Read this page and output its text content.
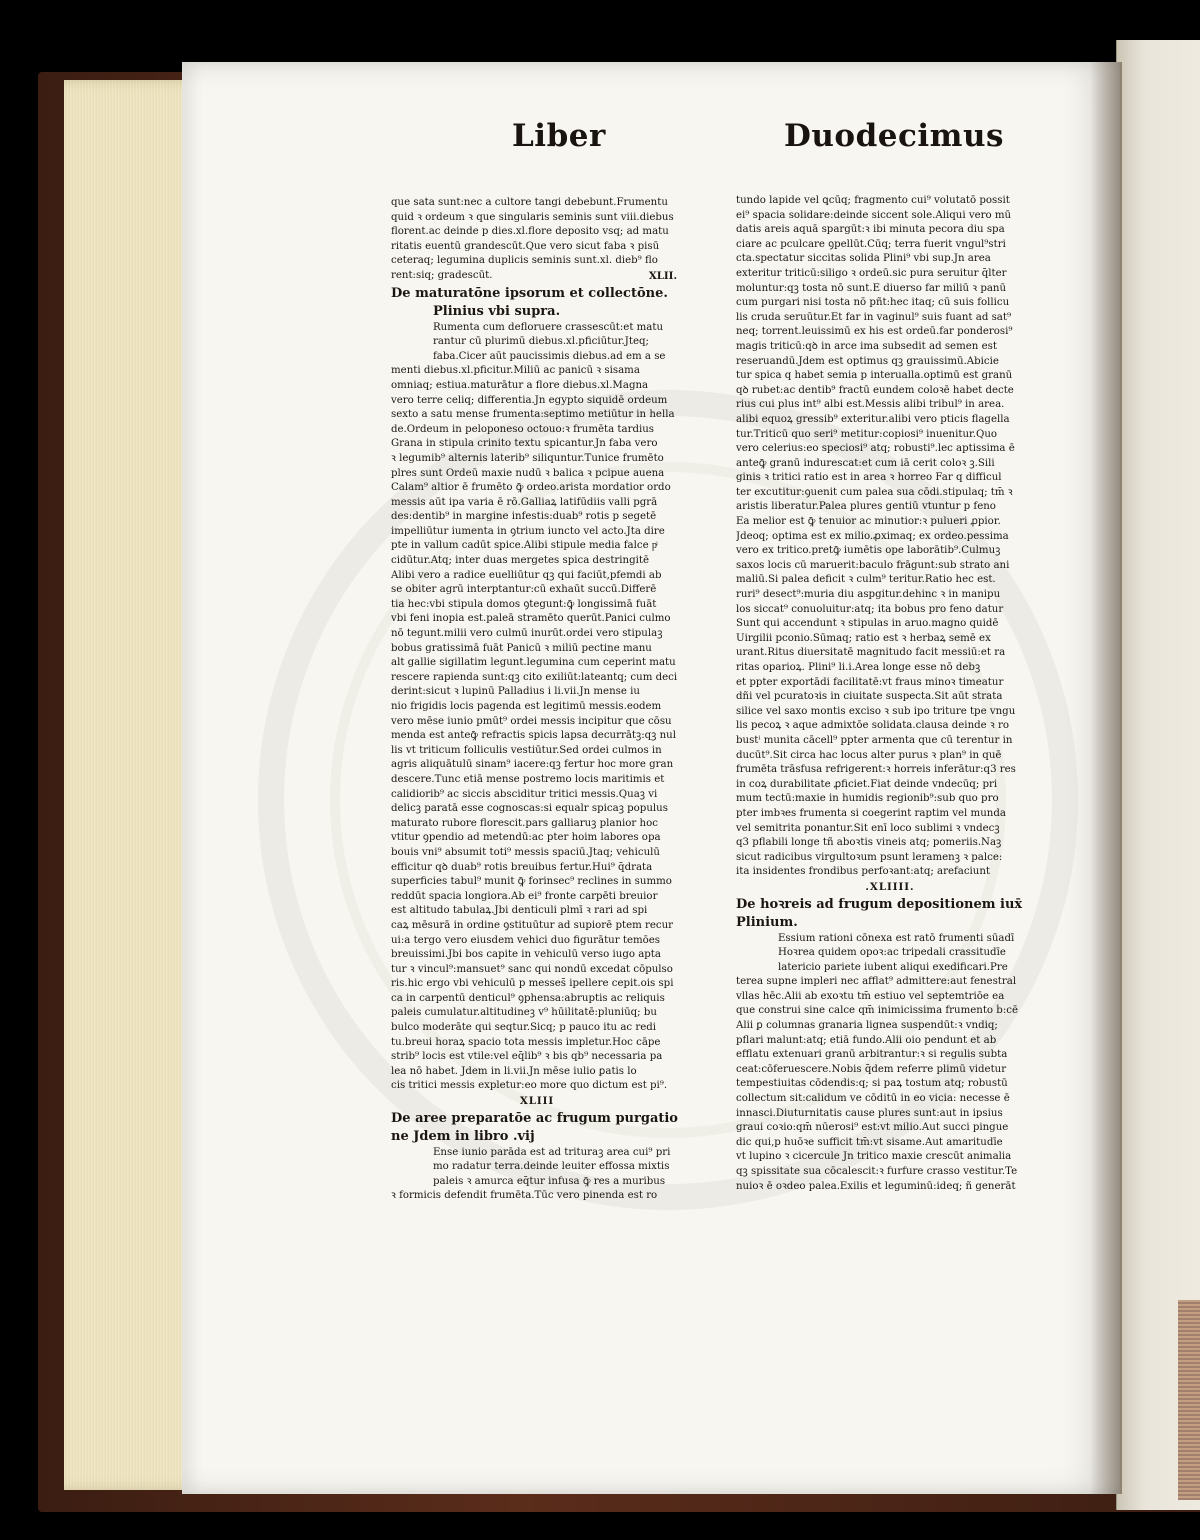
Liber	Duodecimus
que sata sunt:nec a cultore tangi debebunt.Frumentu
quid ꝛ ordeum ꝛ que singularis seminis sunt viii.diebus
florent.ac deinde p dies.xl.flore deposito vsq; ad matu
ritatis euentū grandescūt.Que vero sicut faba ꝛ pisū
ceteraq; legumina duplicis seminis sunt.xl. dieb⁹ flo
rent:siq; gradescūt.	XLII.
De maturatōne ipsorum et collectōne.
Plinius vbi supra.
Rumenta cum defloruere crassescūt:et matu
rantur cū plurimū diebus.xl.pficiūtur.Jteq;
faba.Cicer aūt paucissimis diebus.ad em a se
menti diebus.xl.pficitur.Miliū ac panicū ꝛ sisama
omniaq; estiua.maturātur a flore diebus.xl.Magna
vero terre celiq; differentia.Jn egypto siquidē ordeum
sexto a satu mense frumenta:septimo metiūtur in hella
de.Ordeum in peloponeso octouo:ꝛ frumēta tardius
Grana in stipula crinito textu spicantur.Jn faba vero
ꝛ legumib⁹ alternis laterib⁹ siliquntur.Tunice frumēto
plres sunt Ordeū maxie nudū ꝛ balica ꝛ pcipue auena
Calam⁹ altior ē frumēto ꝙ̄ ordeo.arista mordatior ordo
messis aūt ipa varia ē rō.Galliaꝝ latifūdiis valli pgrā
des:dentib⁹ in margine infestis:duab⁹ rotis p segetē
impelliūtur iumenta in ꝯtrium iuncto vel acto.Jta dire
pte in vallum cadūt spice.Alibi stipule media falce pͥ
cidūtur.Atq; inter duas mergetes spica destringitē
Alibi vero a radice euelliūtur qꝫ qui faciūt,pfemdi ab
se obiter agrū interptantur:cū exhaūt succū.Differē
tia hec:vbi stipula domos ꝯtegunt:ꝙ̄ longissimā fuāt
vbi feni inopia est.paleā stramēto querūt.Panici culmo
nō tegunt.milii vero culmū inurūt.ordei vero stipulaꝫ
bobus gratissimā fuāt Panicū ꝛ miliū pectine manu
alt gallie sigillatim legunt.legumina cum ceperint matu
rescere rapienda sunt:qꝫ cito exiliūt:lateantq; cum deci
derint:sicut ꝛ lupinū Palladius i li.vii.Jn mense iu
nio frigidis locis pagenda est legitimū messis.eodem
vero mēse iunio pmūt⁹ ordei messis incipitur que cōsu
menda est anteꝙ̄ refractis spicis lapsa decurrātꝫ:qꝫ nul
lis vt triticum folliculis vestiūtur.Sed ordei culmos in
agris aliquātulū sinam⁹ iacere:qꝫ fertur hoc more gran
descere.Tunc etiā mense postremo locis maritimis et
calidiorib⁹ ac siccis absciditur tritici messis.Quaꝫ vi
delicꝫ paratā esse cognoscas:si equalr spicaꝫ populus
maturato rubore florescit.pars galliaruꝫ planior hoc
vtitur ꝯpendio ad metendū:ac pter hoim labores opa
bouis vni⁹ absumit toti⁹ messis spaciū.Jtaq; vehiculū
efficitur qꝺ duab⁹ rotis breuibus fertur.Hui⁹ q̄drata
superficies tabul⁹ munit ꝙ̄ forinsec⁹ reclines in summo
reddūt spacia longiora.Ab ei⁹ fronte carpēti breuior
est altitudo tabulaꝝ.Jbi denticuli plmī ꝛ rari ad spi
caꝝ mēsurā in ordine ꝯstituūtur ad supiorē ptem recur
ui:a tergo vero eiusdem vehici duo figurātur temōes
breuissimi.Jbi bos capite in vehiculū verso iugo apta
tur ꝛ vincul⁹:mansuet⁹ sanc qui nondū excedat cōpulso
ris.hic ergo vbi vehiculū p messes̄ ipellere cepit.ois spi
ca in carpentū denticul⁹ ꝯphensa:abruptis ac reliquis
paleis cumulatur.altitudineꝫ v⁹ hūilitatē:pluniūq; bu
bulco moderāte qui seqtur.Sicq; p pauco itu ac redi
tu.breui horaꝝ spacio tota messis impletur.Hoc cāpe
strib⁹ locis est vtile:vel eq̄lib⁹ ꝛ bis qb⁹ necessaria pa
lea nō habet. Jdem in li.vii.Jn mēse iulio ꝑatis lo
cis tritici messis expletur:eo more quo dictum est pi⁹.
XLIII
De aree preparatōe ac frugum purgatio
ne Jdem in libro .vij
Ense iunio parāda est ad trituraꝫ area cui⁹ pri
mo radatur terra.deinde leuiter effossa mixtis
paleis ꝛ amurca eq̄tur infusa ꝙ̄ res a muribus
ꝛ formicis defendit frumēta.Tūc vero pinenda est ro
tundo lapide vel ꝗcūq; fragmento cui⁹ volutatō possit
ei⁹ spacia solidare:deinde siccent sole.Aliqui vero mū
datis areis aquā spargūt:ꝛ ibi minuta pecora diu spa
ciare ac pculcare ꝯpellūt.Cūq; terra fuerit vngul⁹stri
cta.spectatur siccitas solida Plini⁹ vbi sup.Jn area
exteritur triticū:siligo ꝛ ordeū.sic pura seruitur q̄lter
moluntur:qꝫ tosta nō sunt.E diuerso far miliū ꝛ panū
cum purgari nisi tosta nō pñt:hec itaq; cū suis follicu
lis cruda seruūtur.Et far in vaginul⁹ suis fuant ad sat⁹
neq; torrent.leuissimū ex his est ordeū.far ponderosi⁹
magis triticū:qꝺ in arce ima subsedit ad semen est
reseruandū.Jdem est optimus qꝫ grauissimū.Abicie
tur spica q habet semia p interualla.optimū est granū
qꝺ rubet:ac dentib⁹ fractū eundem coloꝛē habet decte
rius cui plus int⁹ albi est.Messis alibi tribul⁹ in area.
alibi equoꝝ gressib⁹ exteritur.alibi vero pticis flagella
tur.Triticū quo seri⁹ metitur:copiosi⁹ inuenitur.Quo
vero celerius:eo speciosi⁹ atq; robusti⁹.lec aptissima ē
anteꝙ̄ granū indurescat:et cum iā cerit coloꝛ ꝫ.Sili
ginis ꝛ tritici ratio est in area ꝛ horreo Far q difficul
ter excutitur:ꝯuenit cum palea sua cōdi.stipulaq; tm̄ ꝛ
aristis liberatur.Palea plures gentiū vtuntur p feno
Ea melior est ꝙ̄ tenuior ac minutior:ꝛ pulueri ꝓpior.
Jdeoq; optima est ex milio.ꝓximaq; ex ordeo.pessima
vero ex tritico.pretꝙ̄ iumētis ope laborātib⁹.Culmuꝫ
saxos locis cū maruerit:baculo frāgunt:sub strato ani
maliū.Si palea deficit ꝛ culm⁹ teritur.Ratio hec est.
ruri⁹ desect⁹:muria diu aspgitur.dehinc ꝛ in manipu
los siccat⁹ conuoluitur:atq; ita bobus pro feno datur
Sunt qui accendunt ꝛ stipulas in aruo.magno quidē
Uirgilii pconio.Sūmaq; ratio est ꝛ herbaꝝ semē ex
urant.Ritus diuersitatē magnitudo facit messiū:et ra
ritas oparioꝝ. Plini⁹ li.i.Area longe esse nō debꝫ
et ppter exportādi facilitatē:vt fraus minoꝛ timeatur
dñi vel pcuratoꝛis in ciuitate suspecta.Sit aūt strata
silice vel saxo montis exciso ꝛ sub ipo triture tpe vngu
lis pecoꝝ ꝛ aque admixtōe solidata.clausa deinde ꝛ ro
bustⁱ munita cācell⁹ ppter armenta que cū terentur in
ducūt⁹.Sit circa hac locus alter purus ꝛ plan⁹ in quē
frumēta trāsfusa refrigerent:ꝛ horreis inferātur:q3 res
in coꝝ durabilitate ꝓficiet.Fiat deinde vndecūq; pri
mum tectū:maxie in humidis regionib⁹:sub quo pro
pter imbꝛes frumenta si coegerint raptim vel munda
vel semitrita ponantur.Sit enī loco sublimi ꝛ vndecꝫ
q3 pflabili longe tñ aboꝛtis vineis atq; pomeriis.Naꝫ
sicut radicibus virgultoꝛum psunt leramenꝫ ꝛ palce:
ita insidentes frondibus perfoꝛant:atq; arefaciunt
.XLIIII.
De hoꝛreis ad frugum depositionem iux̄
Plinium.
Essium rationi cōnexa est ratō frumenti sūadī
Hoꝛrea quidem opoꝛ:ac tripedali crassitudīe
latericio pariete iubent aliqui exedificari.Pre
terea supne impleri nec afflat⁹ admittere:aut fenestral
vllas hēc.Alii ab exoꝛtu tm̄ estiuo vel septemtriōe ea
que construi sine calce qm̄ inimicissima frumento ḃ:cē
Alii ꝑ columnas granaria lignea suspendūt:ꝛ vndiq;
pflari malunt:atq; etiā fundo.Alii oio pendunt et ab
efflatu extenuari granū arbitrantur:ꝛ si regulis subta
ceat:cōferuescere.Nobis q̄dem referre plimū videtur
tempestiuitas cōdendis:q; si paꝝ tostum atq; robustū
collectum sit:calidum ve cōditū in eo vicia: necesse ē
innasci.Diuturnitatis cause plures sunt:aut in ipsius
graui coꝛio:qm̄ nūerosi⁹ est:vt milio.Aut succi pingue
dic qui,p huōꝛe sufficit tm̄:vt sisame.Aut amaritudīe
vt lupino ꝛ cicercule Jn tritico maxie crescūt animalia
qꝫ spissitate sua cōcalescit:ꝛ furfure crasso vestitur.Te
nuioꝛ ē oꝛdeo palea.Exilis et leguminū:ideq; ñ generāt
